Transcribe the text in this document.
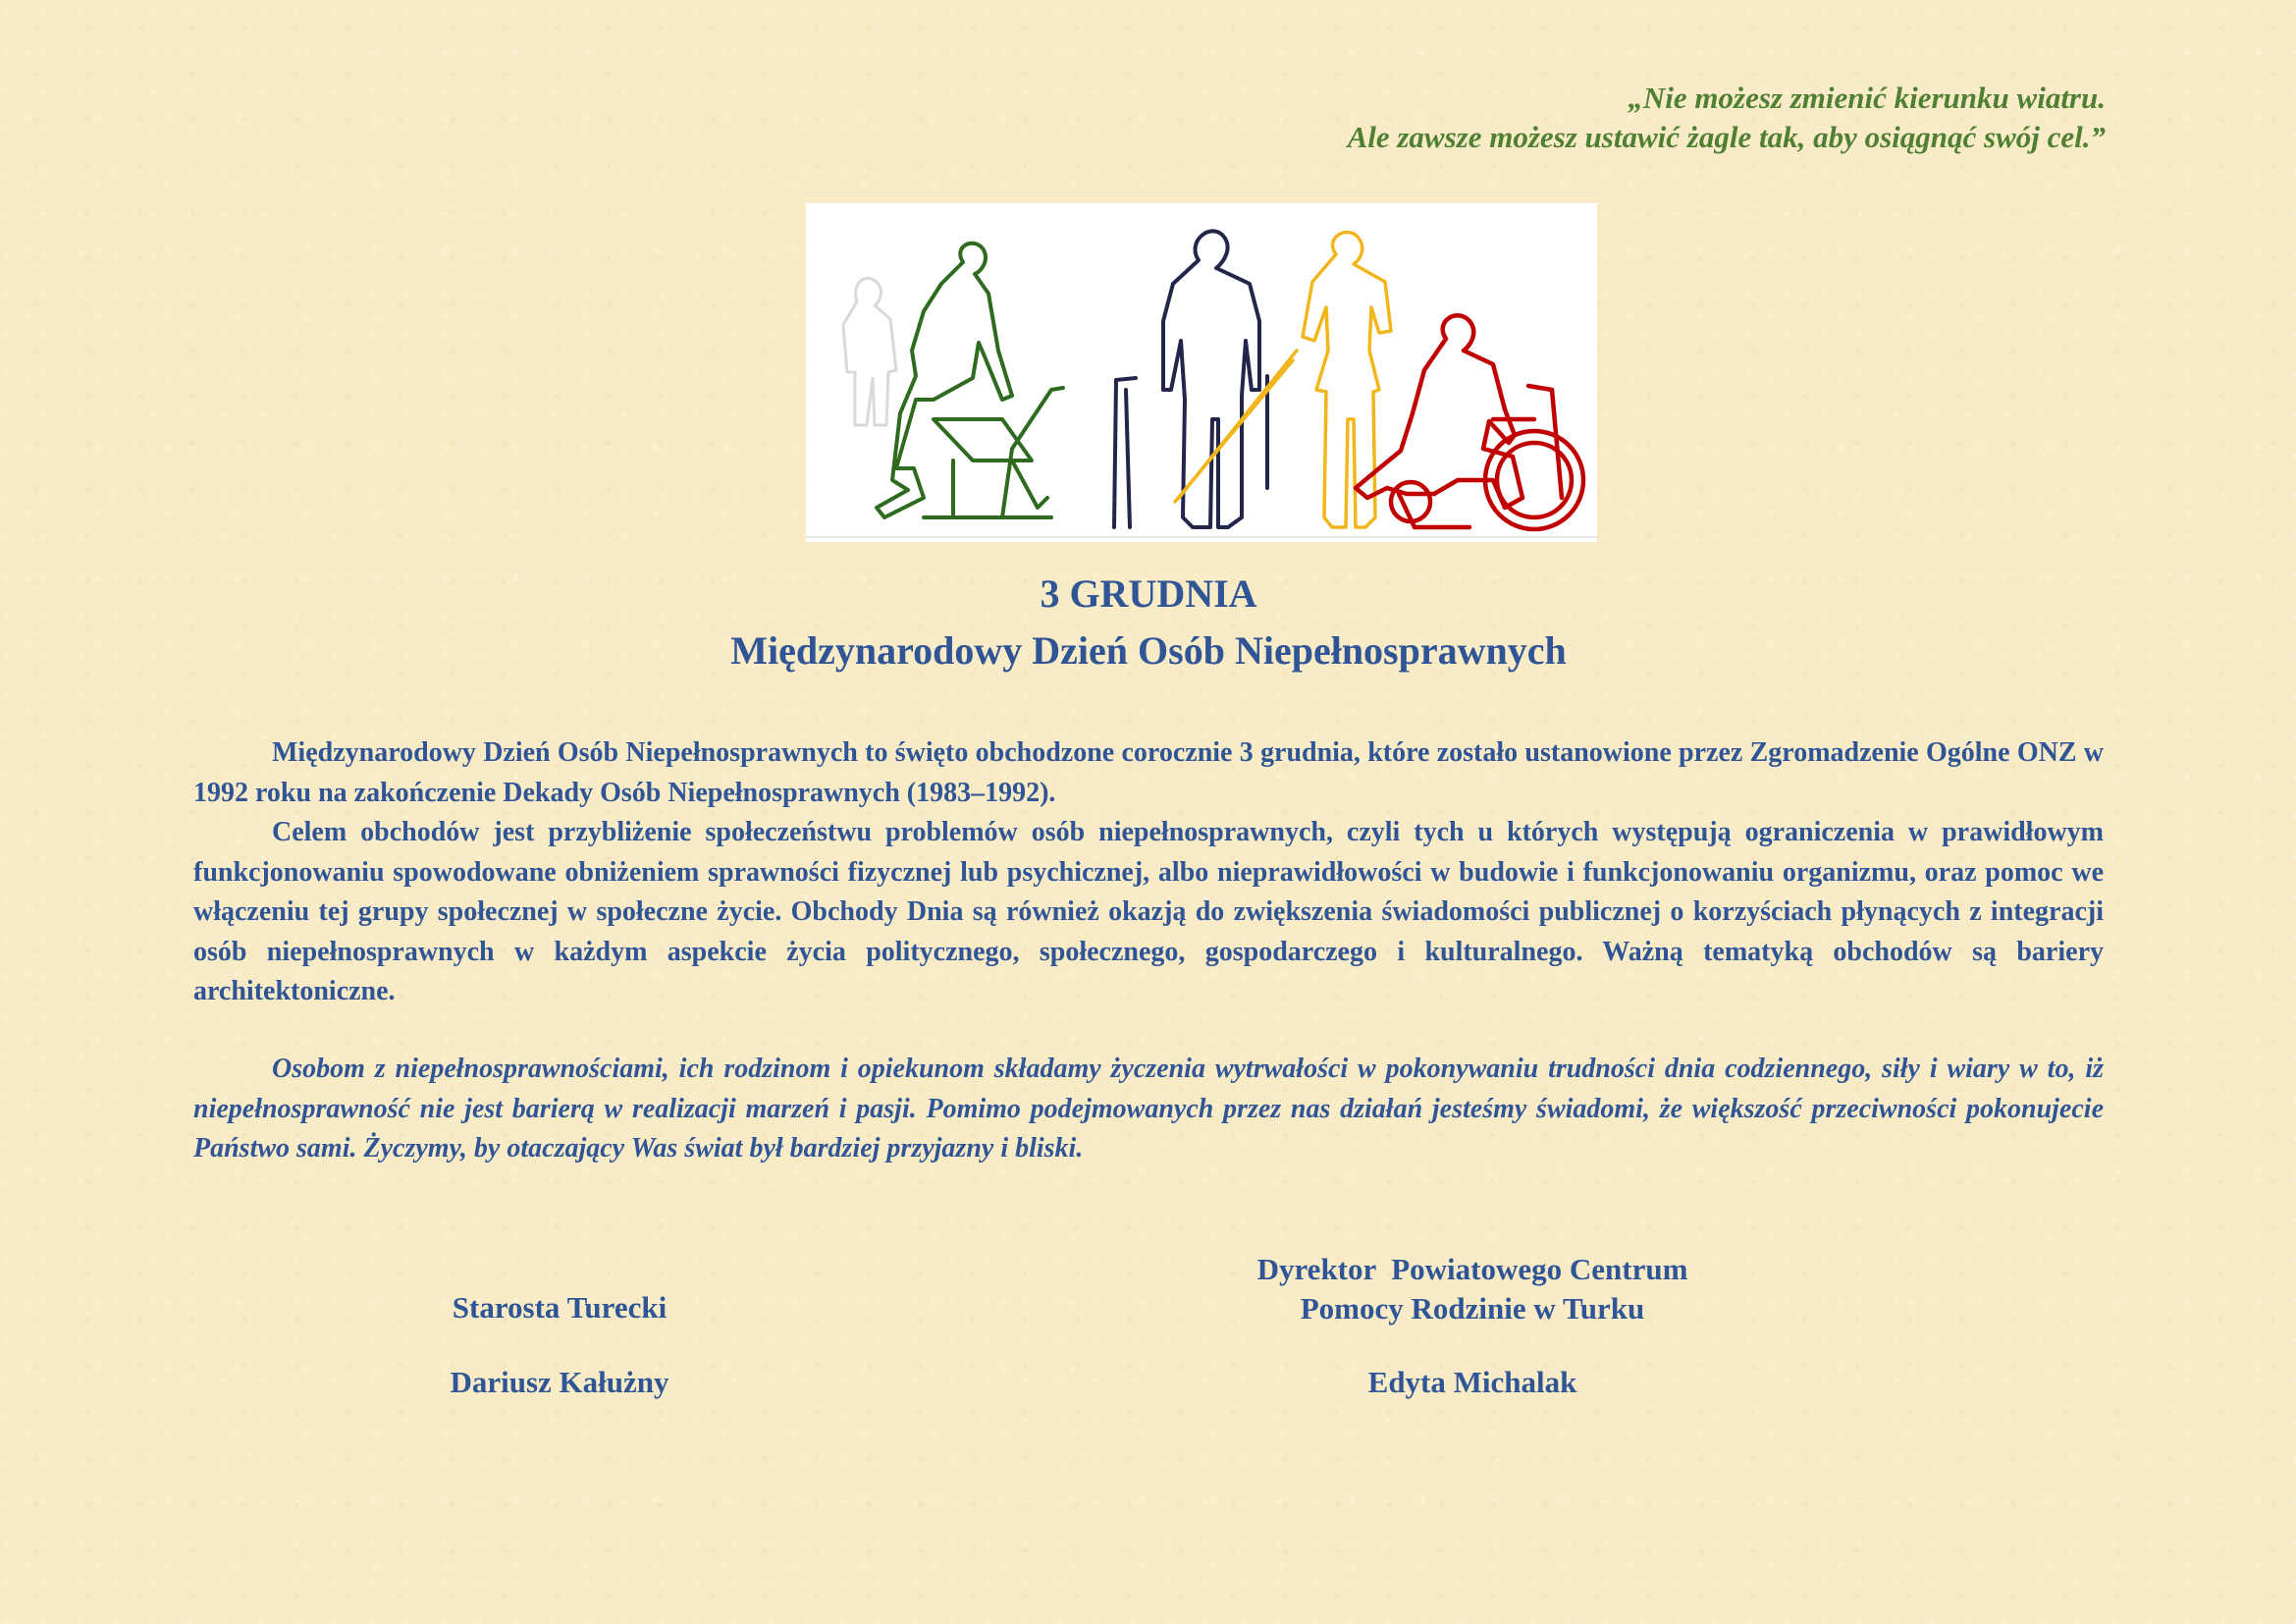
„Nie możesz zmienić kierunku wiatru.
Ale zawsze możesz ustawić żagle tak, aby osiągnąć swój cel.”
3 GRUDNIA
Międzynarodowy Dzień Osób Niepełnosprawnych

Międzynarodowy Dzień Osób Niepełnosprawnych to święto obchodzone corocznie 3 grudnia, które zostało ustanowione przez Zgromadzenie Ogólne ONZ w 1992 roku na zakończenie Dekady Osób Niepełnosprawnych (1983–1992).

Celem obchodów jest przybliżenie społeczeństwu problemów osób niepełnosprawnych, czyli tych u których występują ograniczenia w prawidłowym funkcjonowaniu spowodowane obniżeniem sprawności fizycznej lub psychicznej, albo nieprawidłowości w budowie i funkcjonowaniu organizmu, oraz pomoc we włączeniu tej grupy społecznej w społeczne życie. Obchody Dnia są również okazją do zwiększenia świadomości publicznej o korzyściach płynących z integracji osób niepełnosprawnych w każdym aspekcie życia politycznego, społecznego, gospodarczego i kulturalnego. Ważną tematyką obchodów są bariery architektoniczne.

Osobom z niepełnosprawnościami, ich rodzinom i opiekunom składamy życzenia wytrwałości w pokonywaniu trudności dnia codziennego, siły i wiary w to, iż niepełnosprawność nie jest barierą w realizacji marzeń i pasji. Pomimo podejmowanych przez nas działań jesteśmy świadomi, że większość przeciwności pokonujecie Państwo sami. Życzymy, by otaczający Was świat był bardziej przyjazny i bliski.

Starosta Turecki
Dariusz Kałużny
Dyrektor  Powiatowego Centrum
Pomocy Rodzinie w Turku
Edyta Michalak
